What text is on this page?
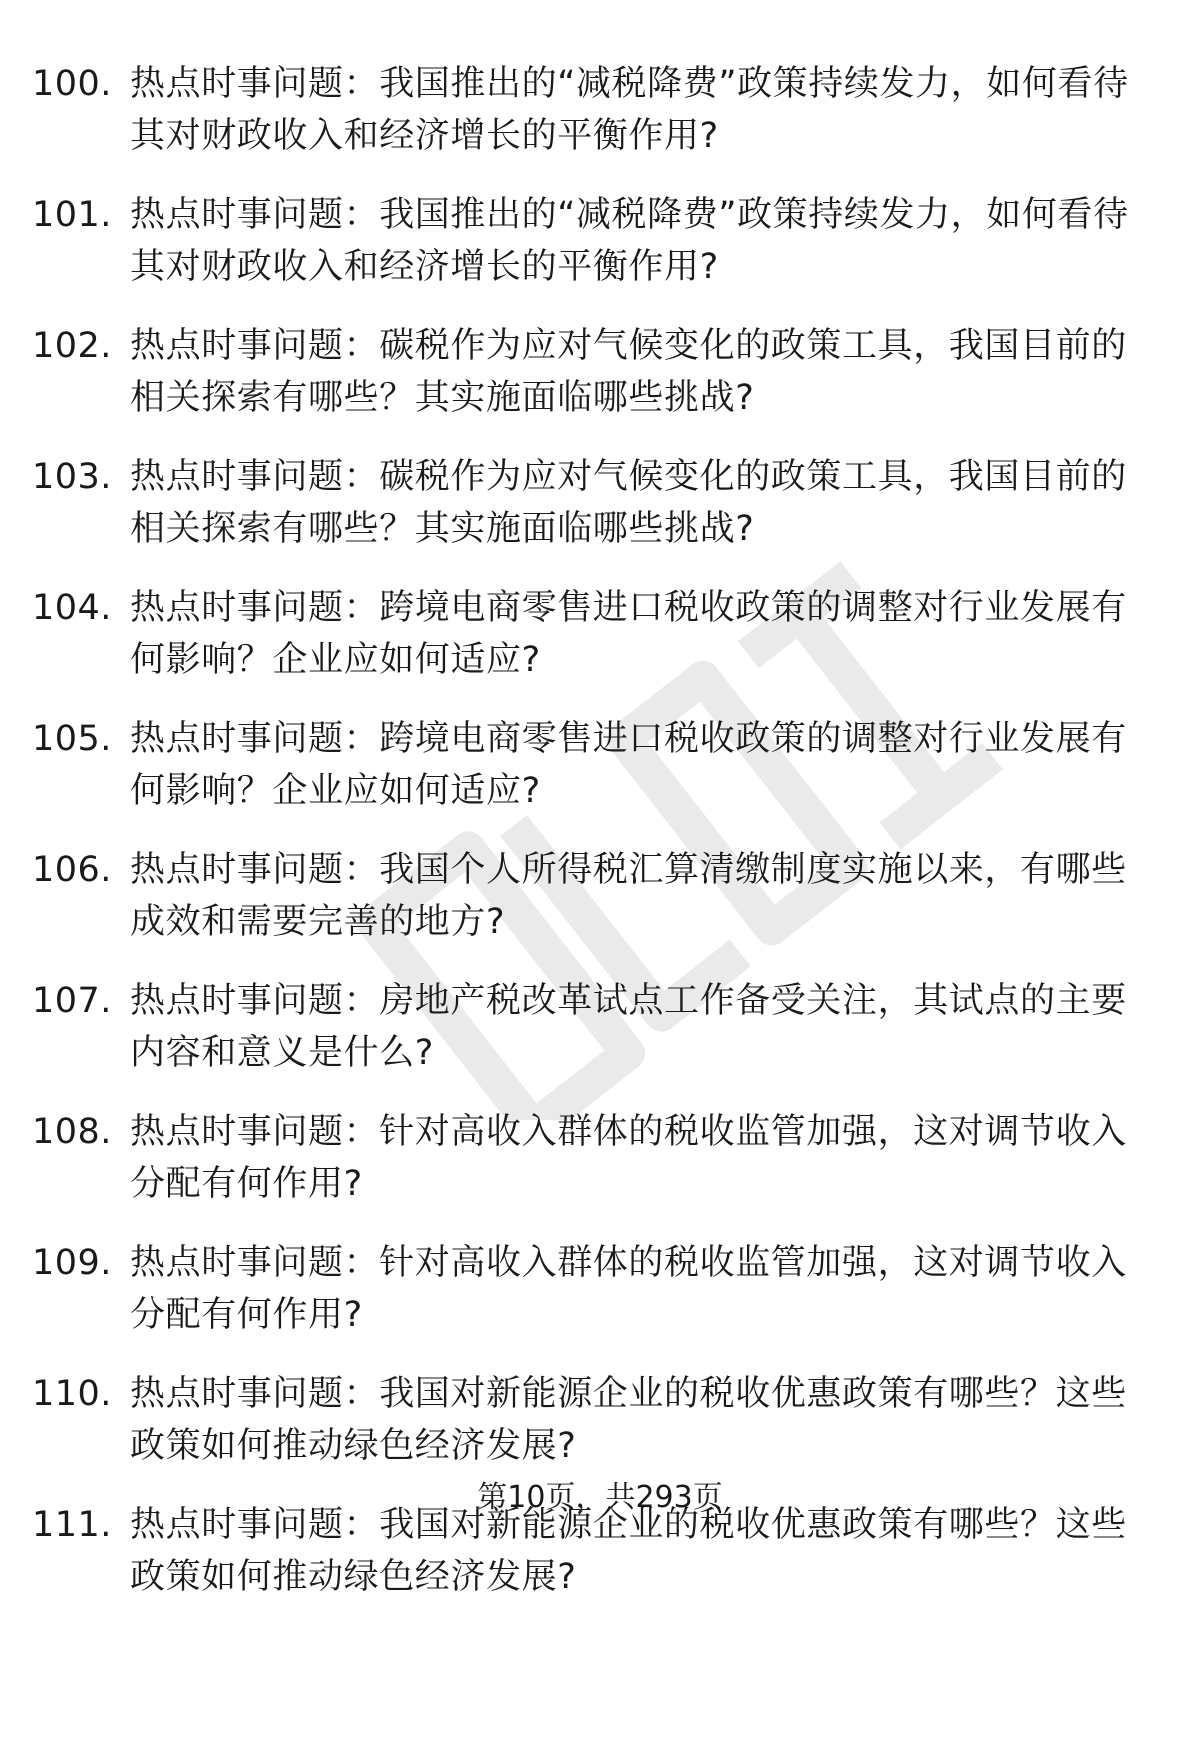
100. 热点时事问题：我国推出的“减税降费”政策持续发力，如何看待其对财政收入和经济增长的平衡作用?
101. 热点时事问题：我国推出的“减税降费”政策持续发力，如何看待其对财政收入和经济增长的平衡作用?
102. 热点时事问题：碳税作为应对气候变化的政策工具，我国目前的相关探索有哪些？其实施面临哪些挑战?
103. 热点时事问题：碳税作为应对气候变化的政策工具，我国目前的相关探索有哪些？其实施面临哪些挑战?
104. 热点时事问题：跨境电商零售进口税收政策的调整对行业发展有何影响？企业应如何适应?
105. 热点时事问题：跨境电商零售进口税收政策的调整对行业发展有何影响？企业应如何适应?
106. 热点时事问题：我国个人所得税汇算清缴制度实施以来，有哪些成效和需要完善的地方?
107. 热点时事问题：房地产税改革试点工作备受关注，其试点的主要内容和意义是什么?
108. 热点时事问题：针对高收入群体的税收监管加强，这对调节收入分配有何作用?
109. 热点时事问题：针对高收入群体的税收监管加强，这对调节收入分配有何作用?
110. 热点时事问题：我国对新能源企业的税收优惠政策有哪些？这些政策如何推动绿色经济发展?
111. 热点时事问题：我国对新能源企业的税收优惠政策有哪些？这些政策如何推动绿色经济发展?
第10页，共293页
